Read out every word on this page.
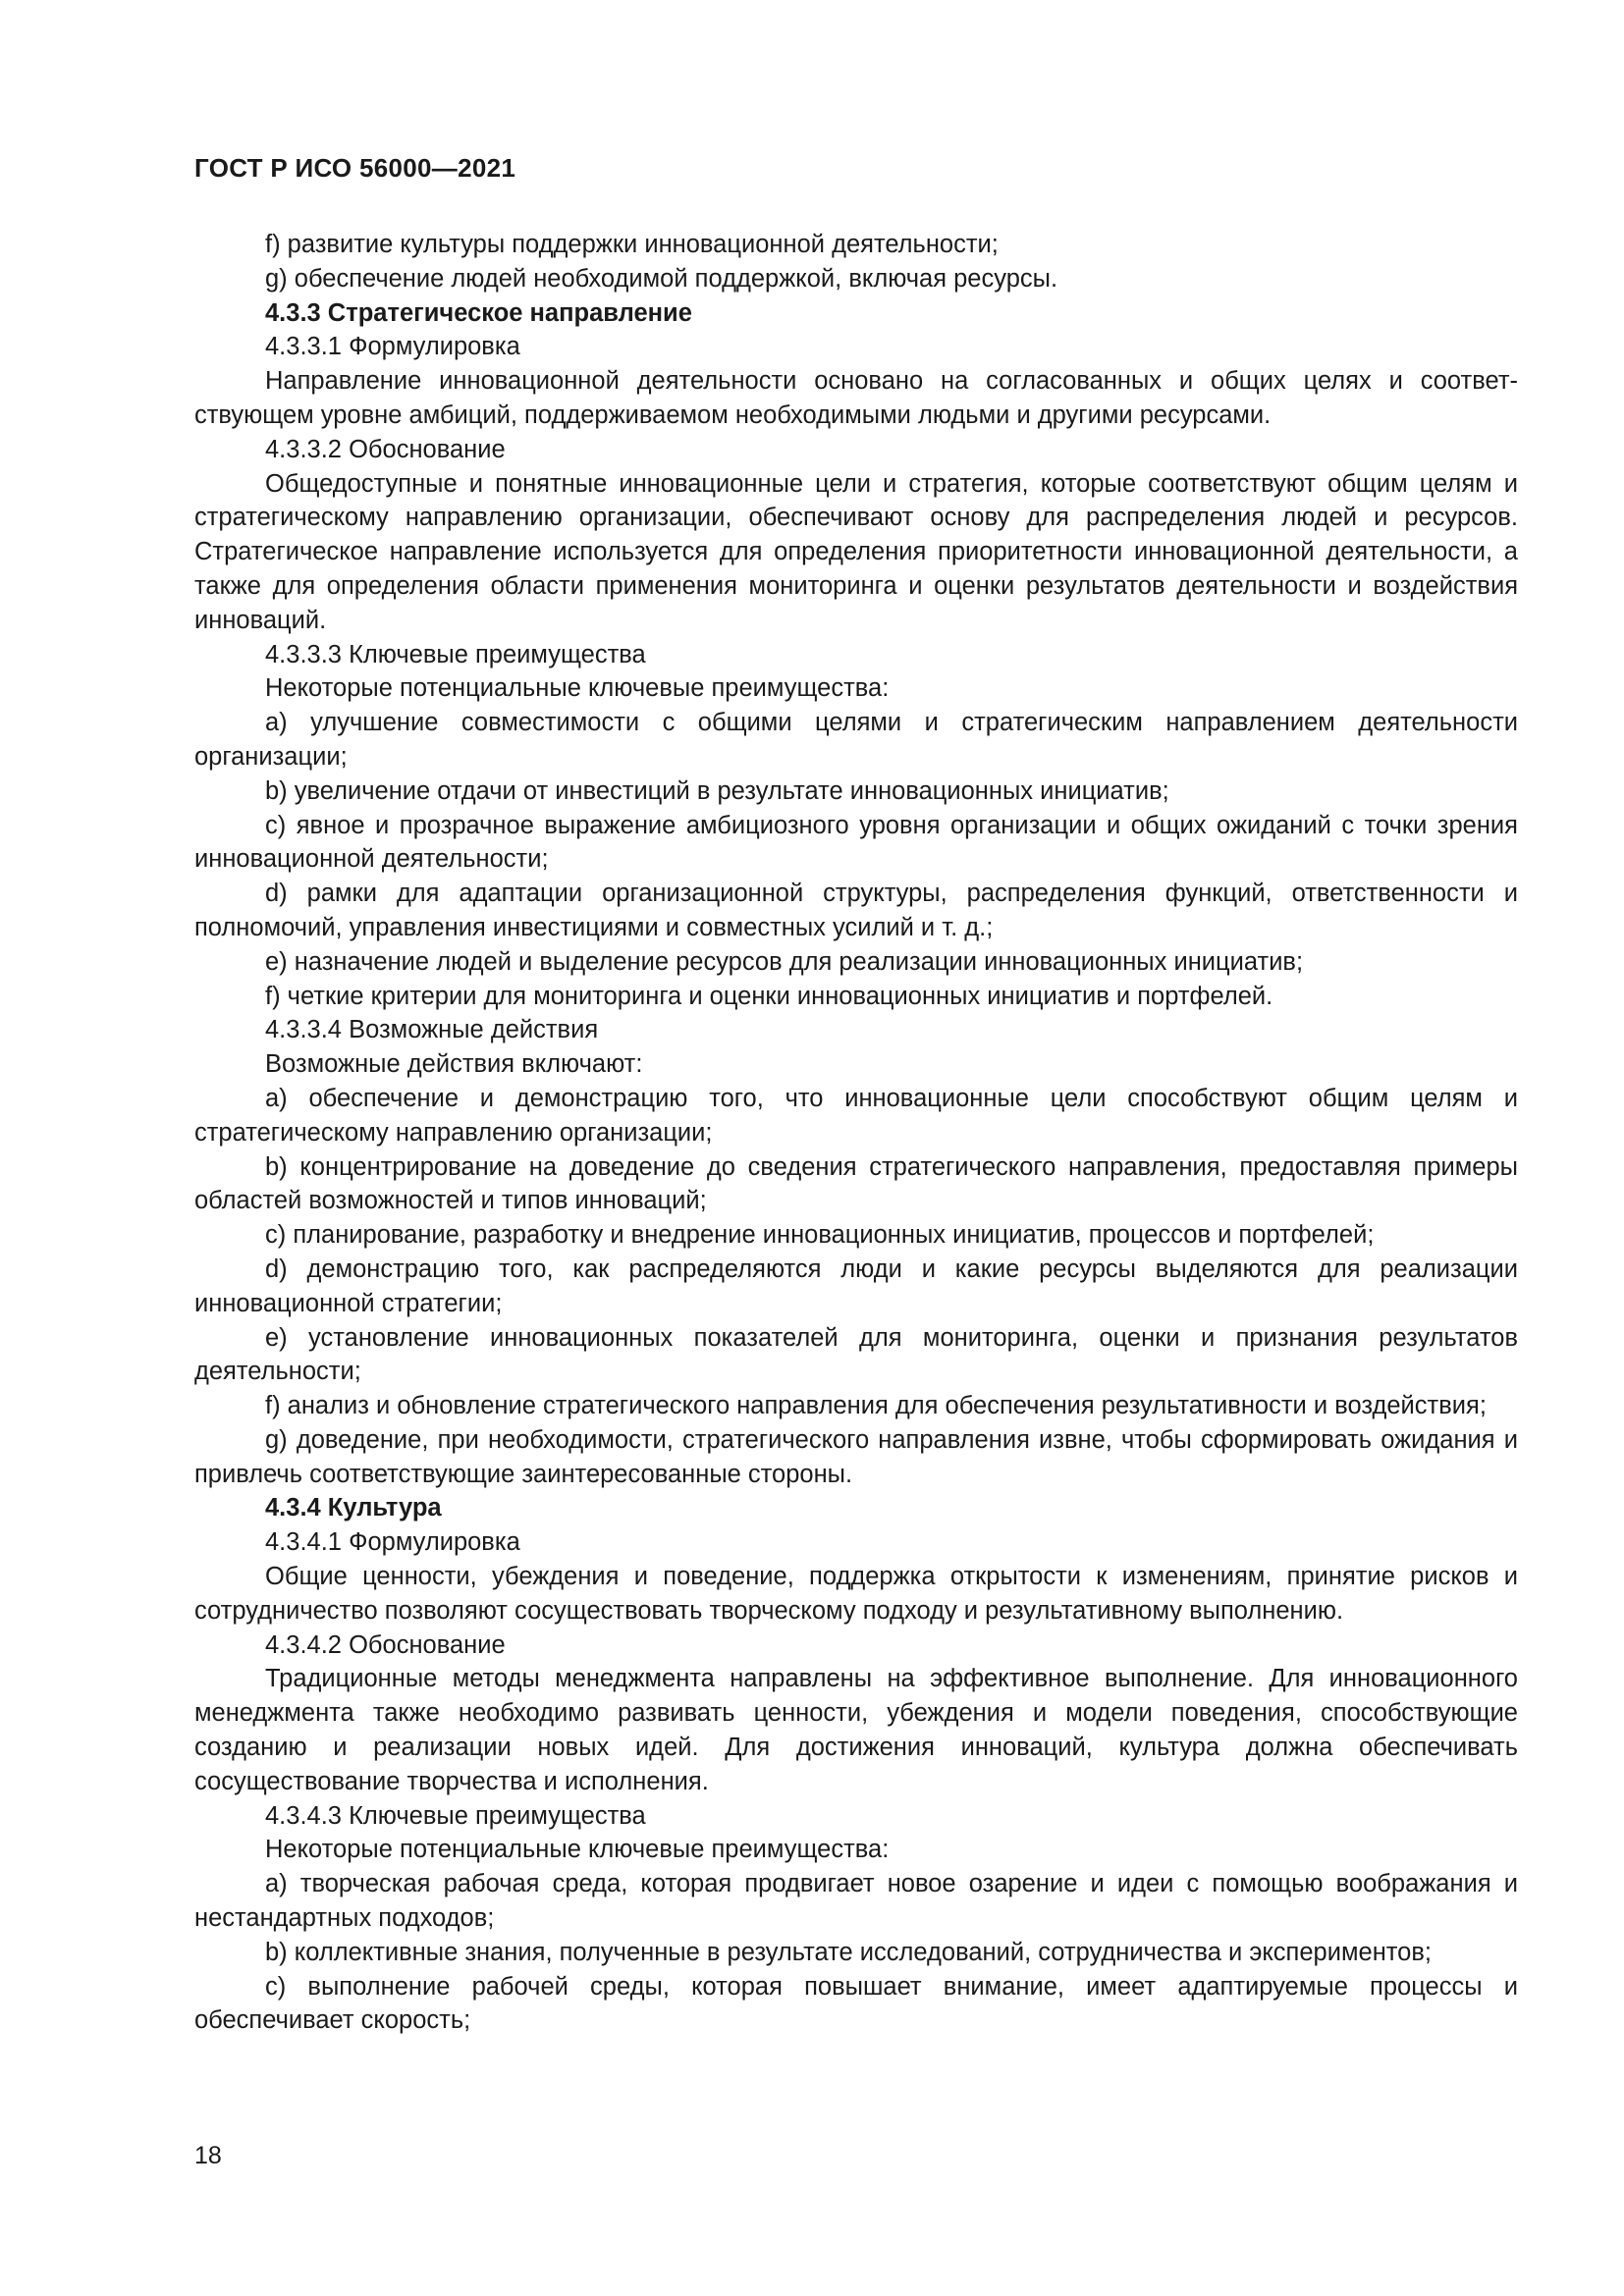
ГОСТ Р ИСО 56000—2021

f) развитие культуры поддержки инновационной деятельности;

g) обеспечение людей необходимой поддержкой, включая ресурсы.

4.3.3 Стратегическое направление

4.3.3.1 Формулировка

Направление инновационной деятельности основано на согласованных и общих целях и соответствующем уровне амбиций, поддерживаемом необходимыми людьми и другими ресурсами.

4.3.3.2 Обоснование

Общедоступные и понятные инновационные цели и стратегия, которые соответствуют общим целям и стратегическому направлению организации, обеспечивают основу для распределения людей и ресурсов. Стратегическое направление используется для определения приоритетности инновационной деятельности, а также для определения области применения мониторинга и оценки результатов деятельности и воздействия инноваций.

4.3.3.3 Ключевые преимущества

Некоторые потенциальные ключевые преимущества:

a) улучшение совместимости с общими целями и стратегическим направлением деятельности организации;

b) увеличение отдачи от инвестиций в результате инновационных инициатив;

c) явное и прозрачное выражение амбициозного уровня организации и общих ожиданий с точки зрения инновационной деятельности;

d) рамки для адаптации организационной структуры, распределения функций, ответственности и полномочий, управления инвестициями и совместных усилий и т. д.;

e) назначение людей и выделение ресурсов для реализации инновационных инициатив;

f) четкие критерии для мониторинга и оценки инновационных инициатив и портфелей.

4.3.3.4 Возможные действия

Возможные действия включают:

a) обеспечение и демонстрацию того, что инновационные цели способствуют общим целям и стратегическому направлению организации;

b) концентрирование на доведение до сведения стратегического направления, предоставляя примеры областей возможностей и типов инноваций;

c) планирование, разработку и внедрение инновационных инициатив, процессов и портфелей;

d) демонстрацию того, как распределяются люди и какие ресурсы выделяются для реализации инновационной стратегии;

e) установление инновационных показателей для мониторинга, оценки и признания результатов деятельности;

f) анализ и обновление стратегического направления для обеспечения результативности и воздействия;

g) доведение, при необходимости, стратегического направления извне, чтобы сформировать ожидания и привлечь соответствующие заинтересованные стороны.

4.3.4 Культура

4.3.4.1 Формулировка

Общие ценности, убеждения и поведение, поддержка открытости к изменениям, принятие рисков и сотрудничество позволяют сосуществовать творческому подходу и результативному выполнению.

4.3.4.2 Обоснование

Традиционные методы менеджмента направлены на эффективное выполнение. Для инновационного менеджмента также необходимо развивать ценности, убеждения и модели поведения, способствующие созданию и реализации новых идей. Для достижения инноваций, культура должна обеспечивать сосуществование творчества и исполнения.

4.3.4.3 Ключевые преимущества

Некоторые потенциальные ключевые преимущества:

a) творческая рабочая среда, которая продвигает новое озарение и идеи с помощью воображания и нестандартных подходов;

b) коллективные знания, полученные в результате исследований, сотрудничества и экспериментов;

c) выполнение рабочей среды, которая повышает внимание, имеет адаптируемые процессы и обеспечивает скорость;

18
